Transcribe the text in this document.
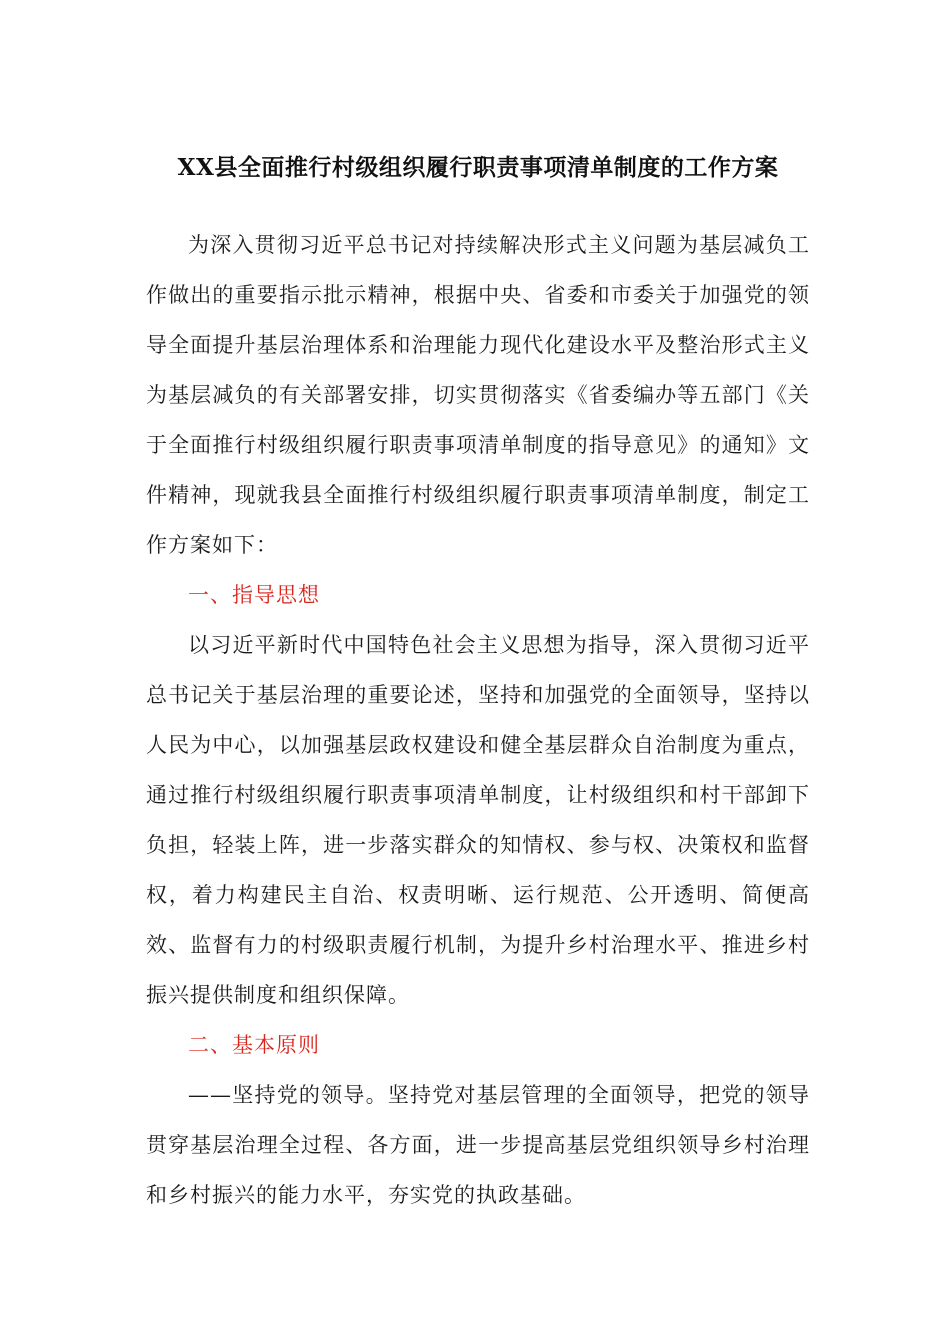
XX县全面推行村级组织履行职责事项清单制度的工作方案

为深入贯彻习近平总书记对持续解决形式主义问题为基层减负工作做出的重要指示批示精神，根据中央、省委和市委关于加强党的领导全面提升基层治理体系和治理能力现代化建设水平及整治形式主义为基层减负的有关部署安排，切实贯彻落实《省委编办等五部门《关于全面推行村级组织履行职责事项清单制度的指导意见》的通知》文件精神，现就我县全面推行村级组织履行职责事项清单制度，制定工作方案如下：

一、指导思想

以习近平新时代中国特色社会主义思想为指导，深入贯彻习近平总书记关于基层治理的重要论述，坚持和加强党的全面领导，坚持以人民为中心，以加强基层政权建设和健全基层群众自治制度为重点，通过推行村级组织履行职责事项清单制度，让村级组织和村干部卸下负担，轻装上阵，进一步落实群众的知情权、参与权、决策权和监督权，着力构建民主自治、权责明晰、运行规范、公开透明、简便高效、监督有力的村级职责履行机制，为提升乡村治理水平、推进乡村振兴提供制度和组织保障。

二、基本原则

——坚持党的领导。坚持党对基层管理的全面领导，把党的领导贯穿基层治理全过程、各方面，进一步提高基层党组织领导乡村治理和乡村振兴的能力水平，夯实党的执政基础。
